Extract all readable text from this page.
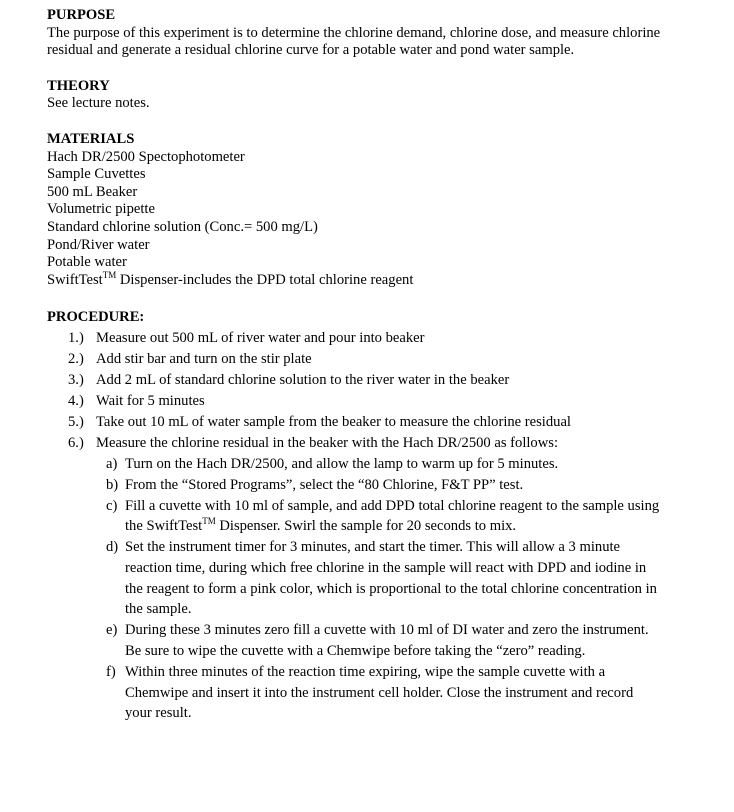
PURPOSE
The purpose of this experiment is to determine the chlorine demand, chlorine dose, and measure chlorine residual and generate a residual chlorine curve for a potable water and pond water sample.
THEORY
See lecture notes.
MATERIALS
Hach DR/2500 Spectophotometer
Sample Cuvettes
500 mL Beaker
Volumetric pipette
Standard chlorine solution (Conc.= 500 mg/L)
Pond/River water
Potable water
SwiftTest™ Dispenser-includes the DPD total chlorine reagent
PROCEDURE:
1.) Measure out 500 mL of river water and pour into beaker
2.) Add stir bar and turn on the stir plate
3.) Add 2 mL of standard chlorine solution to the river water in the beaker
4.) Wait for 5 minutes
5.) Take out 10 mL of water sample from the beaker to measure the chlorine residual
6.) Measure the chlorine residual in the beaker with the Hach DR/2500 as follows:
a) Turn on the Hach DR/2500, and allow the lamp to warm up for 5 minutes.
b) From the “Stored Programs”, select the “80 Chlorine, F&T PP” test.
c) Fill a cuvette with 10 ml of sample, and add DPD total chlorine reagent to the sample using the SwiftTest™ Dispenser. Swirl the sample for 20 seconds to mix.
d) Set the instrument timer for 3 minutes, and start the timer. This will allow a 3 minute reaction time, during which free chlorine in the sample will react with DPD and iodine in the reagent to form a pink color, which is proportional to the total chlorine concentration in the sample.
e) During these 3 minutes zero fill a cuvette with 10 ml of DI water and zero the instrument. Be sure to wipe the cuvette with a Chemwipe before taking the “zero” reading.
f) Within three minutes of the reaction time expiring, wipe the sample cuvette with a Chemwipe and insert it into the instrument cell holder. Close the instrument and record your result.
